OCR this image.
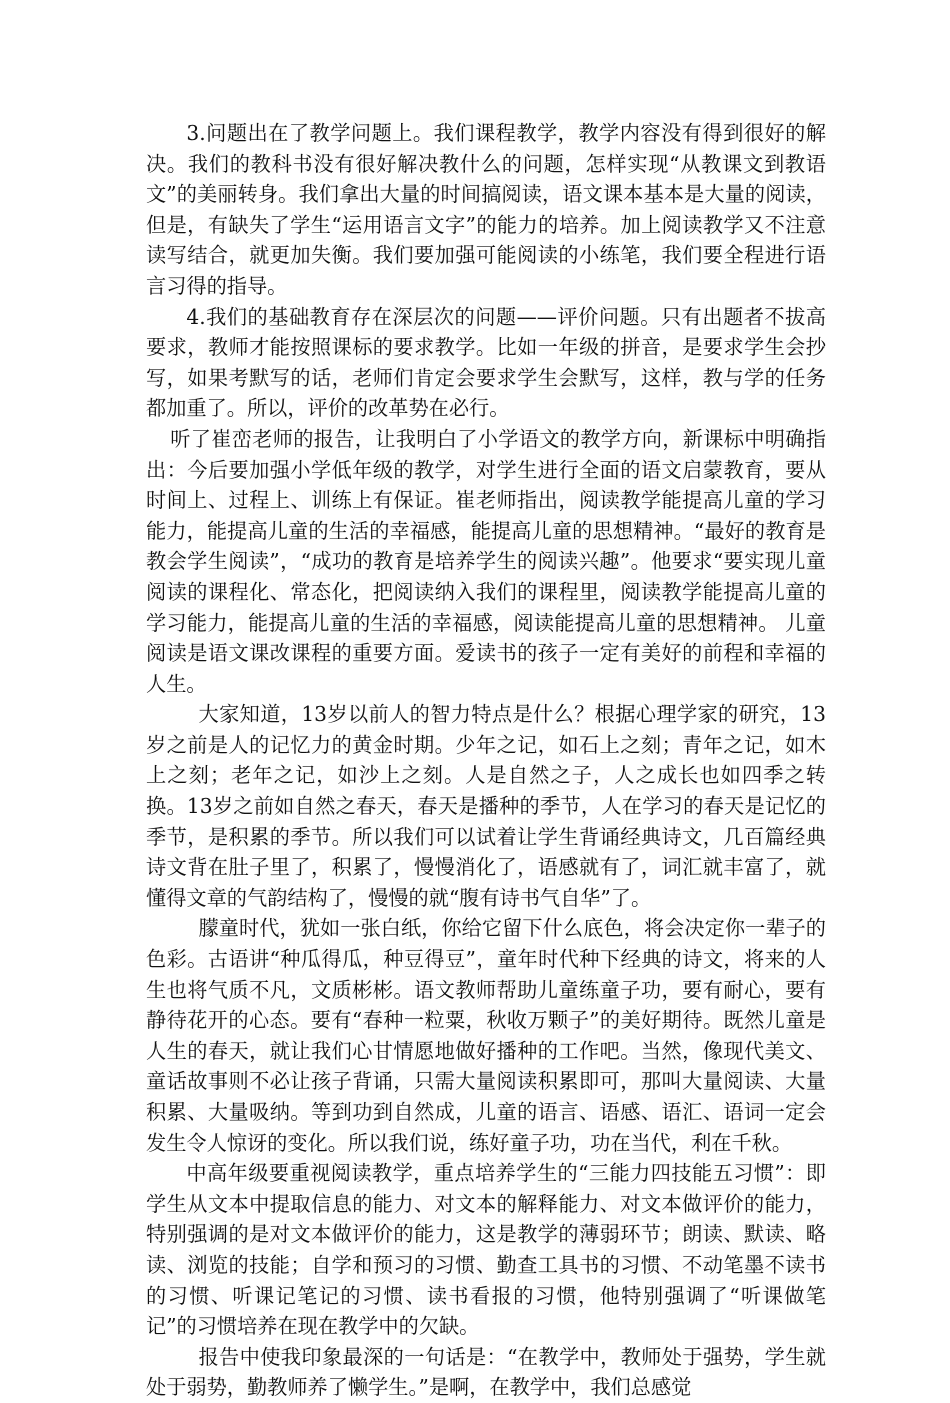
3.问题出在了教学问题上。我们课程教学，教学内容没有得到很好的解决。我们的教科书没有很好解决教什么的问题，怎样实现“从教课文到教语文”的美丽转身。我们拿出大量的时间搞阅读，语文课本基本是大量的阅读，但是，有缺失了学生“运用语言文字”的能力的培养。加上阅读教学又不注意读写结合，就更加失衡。我们要加强可能阅读的小练笔，我们要全程进行语言习得的指导。

4.我们的基础教育存在深层次的问题——评价问题。只有出题者不拔高要求，教师才能按照课标的要求教学。比如一年级的拼音，是要求学生会抄写，如果考默写的话，老师们肯定会要求学生会默写，这样，教与学的任务都加重了。所以，评价的改革势在必行。

听了崔峦老师的报告，让我明白了小学语文的教学方向，新课标中明确指出：今后要加强小学低年级的教学，对学生进行全面的语文启蒙教育，要从时间上、过程上、训练上有保证。崔老师指出，阅读教学能提高儿童的学习能力，能提高儿童的生活的幸福感，能提高儿童的思想精神。“最好的教育是教会学生阅读”，“成功的教育是培养学生的阅读兴趣”。他要求“要实现儿童阅读的课程化、常态化，把阅读纳入我们的课程里，阅读教学能提高儿童的学习能力，能提高儿童的生活的幸福感，阅读能提高儿童的思想精神。 儿童阅读是语文课改课程的重要方面。爱读书的孩子一定有美好的前程和幸福的人生。

大家知道，13岁以前人的智力特点是什么？根据心理学家的研究，13岁之前是人的记忆力的黄金时期。少年之记，如石上之刻；青年之记，如木上之刻；老年之记，如沙上之刻。人是自然之子，人之成长也如四季之转换。13岁之前如自然之春天，春天是播种的季节，人在学习的春天是记忆的季节，是积累的季节。所以我们可以试着让学生背诵经典诗文，几百篇经典诗文背在肚子里了，积累了，慢慢消化了，语感就有了，词汇就丰富了，就懂得文章的气韵结构了，慢慢的就“腹有诗书气自华”了。

朦童时代，犹如一张白纸，你给它留下什么底色，将会决定你一辈子的色彩。古语讲“种瓜得瓜，种豆得豆”，童年时代种下经典的诗文，将来的人生也将气质不凡，文质彬彬。语文教师帮助儿童练童子功，要有耐心，要有静待花开的心态。要有“春种一粒粟，秋收万颗子”的美好期待。既然儿童是人生的春天，就让我们心甘情愿地做好播种的工作吧。当然，像现代美文、童话故事则不必让孩子背诵，只需大量阅读积累即可，那叫大量阅读、大量积累、大量吸纳。等到功到自然成，儿童的语言、语感、语汇、语词一定会发生令人惊讶的变化。所以我们说，练好童子功，功在当代，利在千秋。

中高年级要重视阅读教学，重点培养学生的“三能力四技能五习惯”：即学生从文本中提取信息的能力、对文本的解释能力、对文本做评价的能力，特别强调的是对文本做评价的能力，这是教学的薄弱环节；朗读、默读、略读、浏览的技能；自学和预习的习惯、勤查工具书的习惯、不动笔墨不读书的习惯、听课记笔记的习惯、读书看报的习惯，他特别强调了“听课做笔记”的习惯培养在现在教学中的欠缺。

报告中使我印象最深的一句话是：“在教学中，教师处于强势，学生就处于弱势，勤教师养了懒学生。”是啊，在教学中，我们总感觉
